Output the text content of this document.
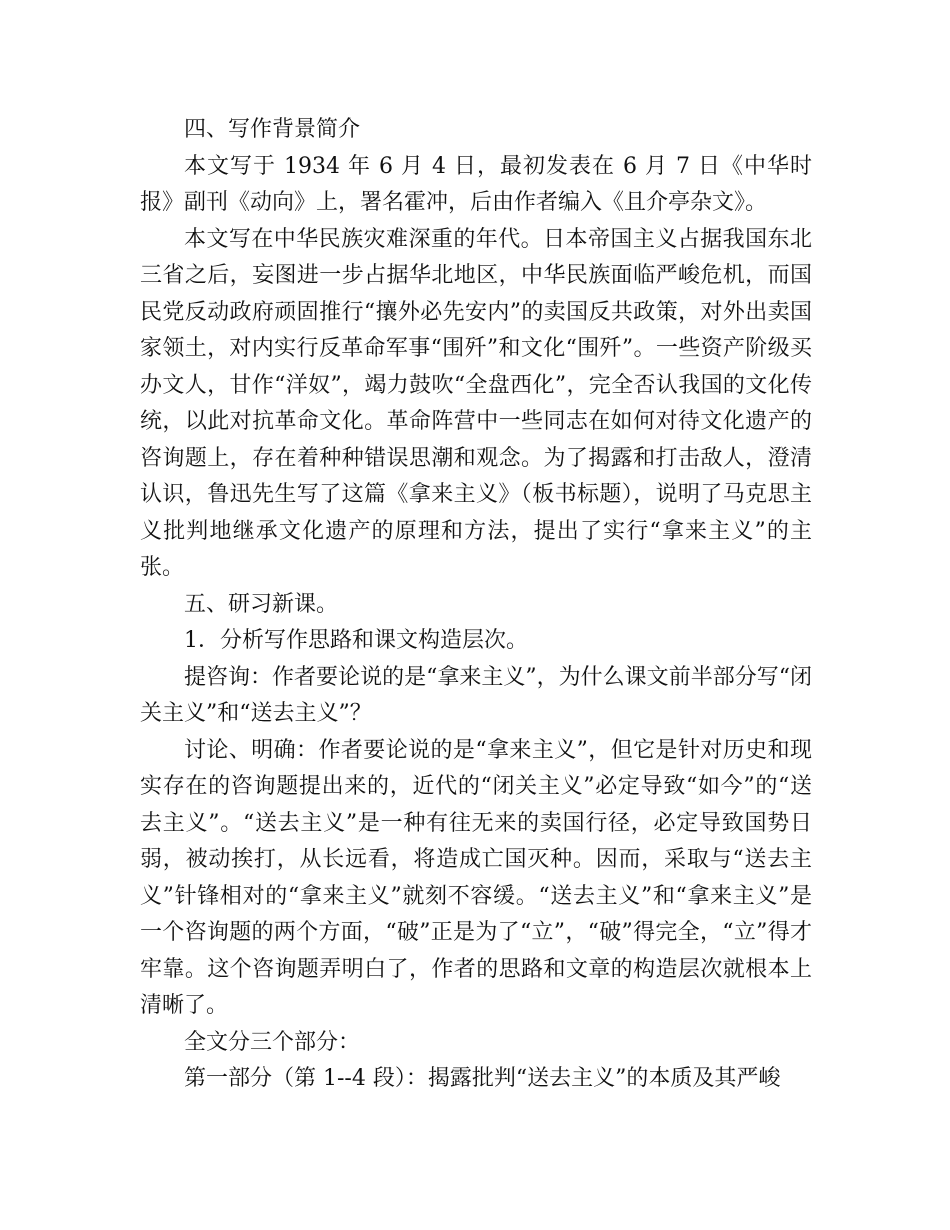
四、写作背景简介

本文写于 1934 年 6 月 4 日，最初发表在 6 月 7 日《中华时报》副刊《动向》上，署名霍冲，后由作者编入《且介亭杂文》。

本文写在中华民族灾难深重的年代。日本帝国主义占据我国东北三省之后，妄图进一步占据华北地区，中华民族面临严峻危机，而国民党反动政府顽固推行“攘外必先安内”的卖国反共政策，对外出卖国家领土，对内实行反革命军事“围歼”和文化“围歼”。一些资产阶级买办文人，甘作“洋奴”，竭力鼓吹“全盘西化”，完全否认我国的文化传统，以此对抗革命文化。革命阵营中一些同志在如何对待文化遗产的咨询题上，存在着种种错误思潮和观念。为了揭露和打击敌人，澄清认识，鲁迅先生写了这篇《拿来主义》（板书标题），说明了马克思主义批判地继承文化遗产的原理和方法，提出了实行“拿来主义”的主张。

五、研习新课。

1．分析写作思路和课文构造层次。

提咨询：作者要论说的是“拿来主义”，为什么课文前半部分写“闭关主义”和“送去主义”？

讨论、明确：作者要论说的是“拿来主义”，但它是针对历史和现实存在的咨询题提出来的，近代的“闭关主义”必定导致“如今”的“送去主义”。“送去主义”是一种有往无来的卖国行径，必定导致国势日弱，被动挨打，从长远看，将造成亡国灭种。因而，采取与“送去主义”针锋相对的“拿来主义”就刻不容缓。“送去主义”和“拿来主义”是一个咨询题的两个方面，“破”正是为了“立”，“破”得完全，“立”得才牢靠。这个咨询题弄明白了，作者的思路和文章的构造层次就根本上清晰了。

全文分三个部分：

第一部分（第 1--4 段）：揭露批判“送去主义”的本质及其严峻
